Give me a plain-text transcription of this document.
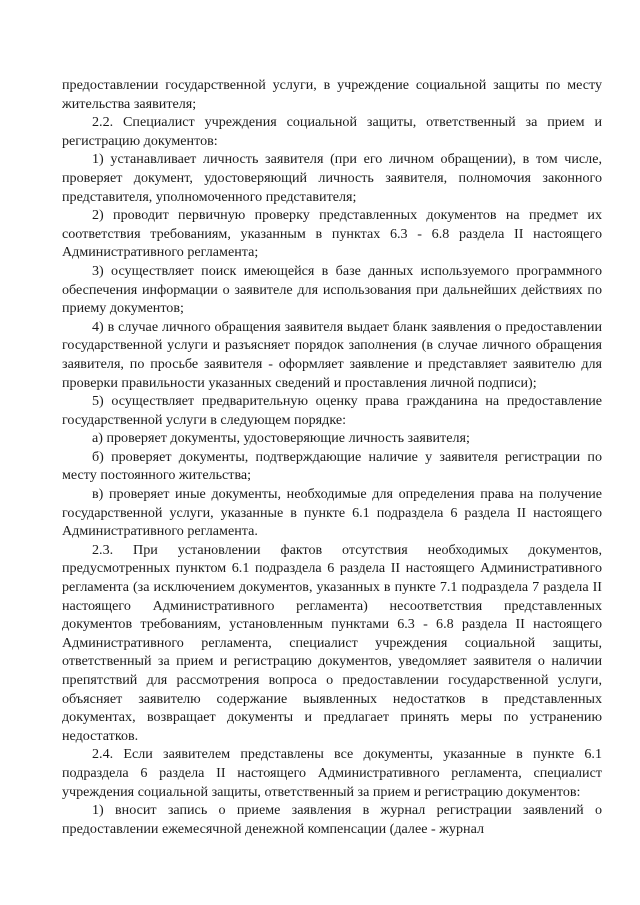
предоставлении государственной услуги, в учреждение социальной защиты по месту жительства заявителя;

2.2. Специалист учреждения социальной защиты, ответственный за прием и регистрацию документов:

1) устанавливает личность заявителя (при его личном обращении), в том числе, проверяет документ, удостоверяющий личность заявителя, полномочия законного представителя, уполномоченного представителя;

2) проводит первичную проверку представленных документов на предмет их соответствия требованиям, указанным в пунктах 6.3 - 6.8 раздела II настоящего Административного регламента;

3) осуществляет поиск имеющейся в базе данных используемого программного обеспечения информации о заявителе для использования при дальнейших действиях по приему документов;

4) в случае личного обращения заявителя выдает бланк заявления о предоставлении государственной услуги и разъясняет порядок заполнения (в случае личного обращения заявителя, по просьбе заявителя - оформляет заявление и представляет заявителю для проверки правильности указанных сведений и проставления личной подписи);

5) осуществляет предварительную оценку права гражданина на предоставление государственной услуги в следующем порядке:

а) проверяет документы, удостоверяющие личность заявителя;

б) проверяет документы, подтверждающие наличие у заявителя регистрации по месту постоянного жительства;

в) проверяет иные документы, необходимые для определения права на получение государственной услуги, указанные в пункте 6.1 подраздела 6 раздела II настоящего Административного регламента.

2.3. При установлении фактов отсутствия необходимых документов, предусмотренных пунктом 6.1 подраздела 6 раздела II настоящего Административного регламента (за исключением документов, указанных в пункте 7.1 подраздела 7 раздела II настоящего Административного регламента) несоответствия представленных документов требованиям, установленным пунктами 6.3 - 6.8 раздела II настоящего Административного регламента, специалист учреждения социальной защиты, ответственный за прием и регистрацию документов, уведомляет заявителя о наличии препятствий для рассмотрения вопроса о предоставлении государственной услуги, объясняет заявителю содержание выявленных недостатков в представленных документах, возвращает документы и предлагает принять меры по устранению недостатков.

2.4. Если заявителем представлены все документы, указанные в пункте 6.1 подраздела 6 раздела II настоящего Административного регламента, специалист учреждения социальной защиты, ответственный за прием и регистрацию документов:

1) вносит запись о приеме заявления в журнал регистрации заявлений о предоставлении ежемесячной денежной компенсации (далее - журнал
